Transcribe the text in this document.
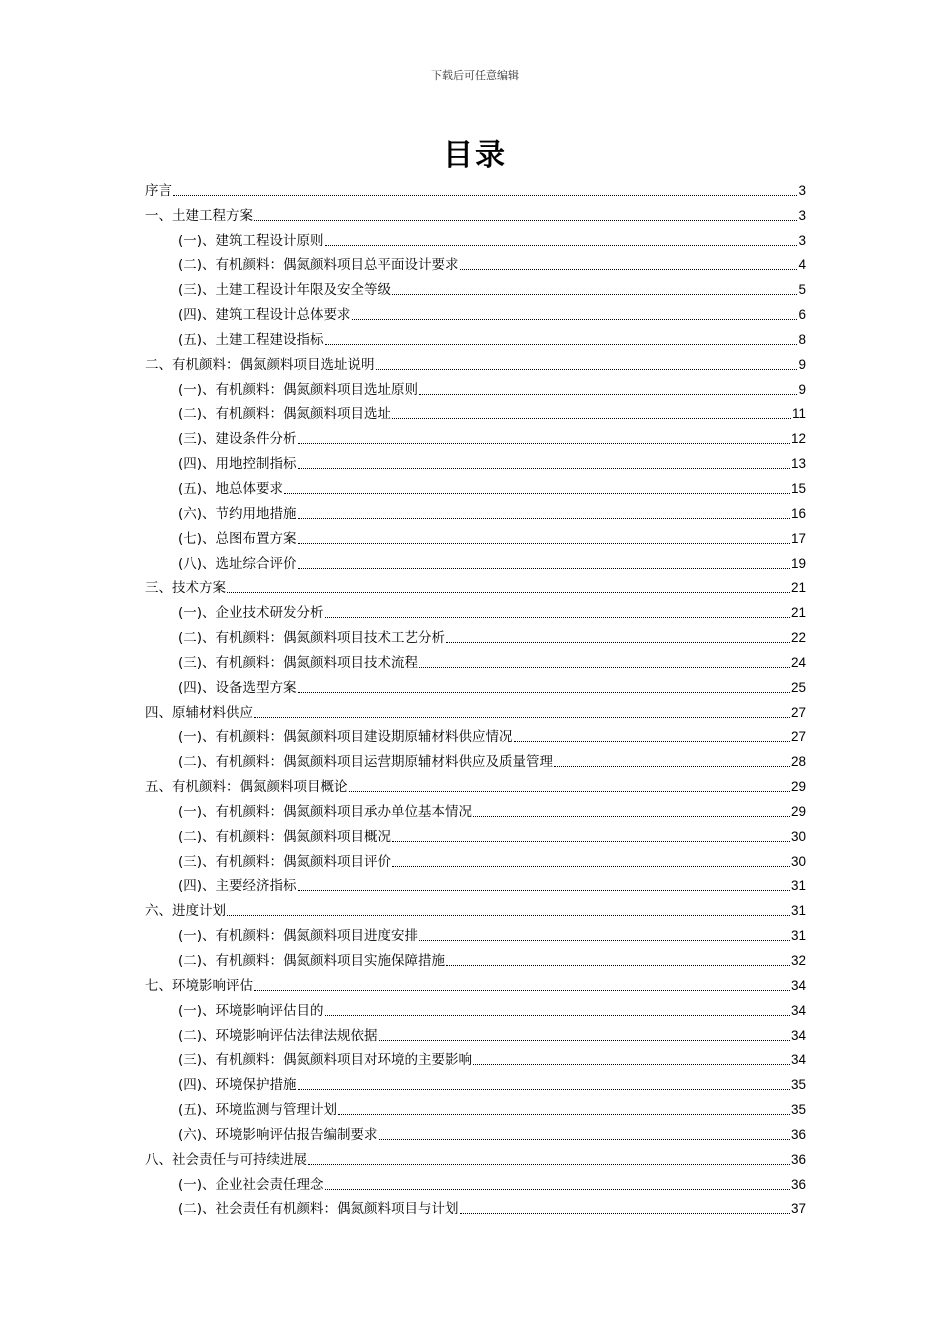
下载后可任意编辑
目录
序言	3
一、土建工程方案	3
(一)、建筑工程设计原则	3
(二)、有机颜料：偶氮颜料项目总平面设计要求	4
(三)、土建工程设计年限及安全等级	5
(四)、建筑工程设计总体要求	6
(五)、土建工程建设指标	8
二、有机颜料：偶氮颜料项目选址说明	9
(一)、有机颜料：偶氮颜料项目选址原则	9
(二)、有机颜料：偶氮颜料项目选址	11
(三)、建设条件分析	12
(四)、用地控制指标	13
(五)、地总体要求	15
(六)、节约用地措施	16
(七)、总图布置方案	17
(八)、选址综合评价	19
三、技术方案	21
(一)、企业技术研发分析	21
(二)、有机颜料：偶氮颜料项目技术工艺分析	22
(三)、有机颜料：偶氮颜料项目技术流程	24
(四)、设备选型方案	25
四、原辅材料供应	27
(一)、有机颜料：偶氮颜料项目建设期原辅材料供应情况	27
(二)、有机颜料：偶氮颜料项目运营期原辅材料供应及质量管理	28
五、有机颜料：偶氮颜料项目概论	29
(一)、有机颜料：偶氮颜料项目承办单位基本情况	29
(二)、有机颜料：偶氮颜料项目概况	30
(三)、有机颜料：偶氮颜料项目评价	30
(四)、主要经济指标	31
六、进度计划	31
(一)、有机颜料：偶氮颜料项目进度安排	31
(二)、有机颜料：偶氮颜料项目实施保障措施	32
七、环境影响评估	34
(一)、环境影响评估目的	34
(二)、环境影响评估法律法规依据	34
(三)、有机颜料：偶氮颜料项目对环境的主要影响	34
(四)、环境保护措施	35
(五)、环境监测与管理计划	35
(六)、环境影响评估报告编制要求	36
八、社会责任与可持续进展	36
(一)、企业社会责任理念	36
(二)、社会责任有机颜料：偶氮颜料项目与计划	37
